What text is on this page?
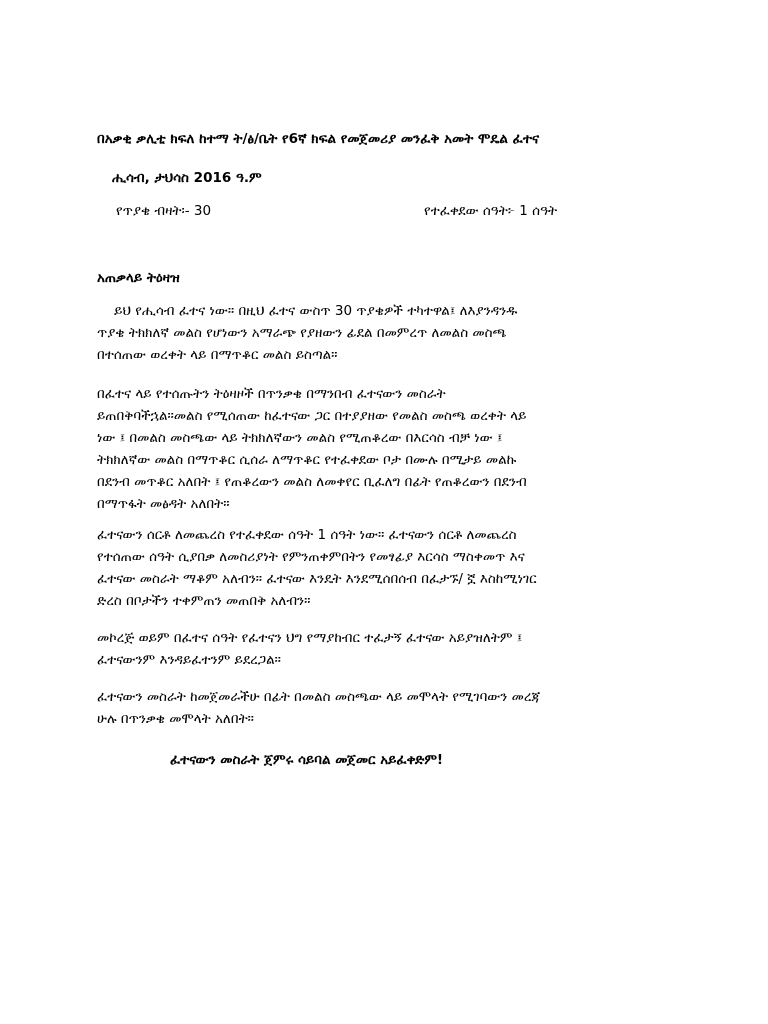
በአቃቂ ቃሊቲ ክፍለ ከተማ ት/ፅ/ቤት የ6ኛ ክፍል የመጀመሪያ መንፈቅ አመት ሞዴል ፈተና
ሒሳብ, ታህሳስ 2016 ዓ.ም
የጥያቄ ብዛት፡- 30	የተፈቀደው ሰዓት፦ 1 ሰዓት
አጠቃላይ ትዕዛዝ
ይህ የሒሳብ ፈተና ነው። በዚህ ፈተና ውስጥ 30 ጥያቄዎች ተካተዋል፤ ለእያንዳንዱ
ጥያቄ ትክክለኛ መልስ የሆነውን አማራጭ የያዘውን ፊደል በመምረጥ ለመልስ መስጫ
በተሰጠው ወረቀት ላይ በማጥቆር መልስ ይስጣል።
በፈተና ላይ የተሰጡትን ትዕዛዞች በጥንቃቄ በማንበብ ፈተናውን መስራት
ይጠበቅባችኋል።መልስ የሚሰጠው ከፈተናው ጋር በተያያዘው የመልስ መስጫ ወረቀት ላይ
ነው ፤ በመልስ መስጫው ላይ ትክክለኛውን መልስ የሚጠቆረው በእርሳስ ብቻ ነው ፤
ትክክለኛው መልስ በማጥቆር ሲሰራ ለማጥቆር የተፈቀደው ቦታ በሙሉ በሚታይ መልኩ
በደንብ መጥቆር አለበት ፤ የጠቆረውን መልስ ለመቀየር ቢፈለግ በፊት የጠቆረውን በደንብ
በማጥፋት መፅዳት አለበት።
ፈተናውን ሰርቶ ለመጨረስ የተፈቀደው ሰዓት 1 ሰዓት ነው። ፈተናውን ሰርቶ ለመጨረስ
የተሰጠው ሰዓት ሲያበቃ ለመስሪያነት የምንጠቀምበትን የመፃፊያ እርሳስ ማስቀመጥ እና
ፈተናው መስራት ማቆም አለብን። ፈተናው እንዴት እንደሚሰበሰብ በፈታኙ/ ኟ እስከሚነገር
ድረስ በቦታችን ተቀምጠን መጠበቅ አለብን።
መኮረጅ ወይም በፈተና ሰዓት የፈተናን ህግ የማያከብር ተፈታኝ ፈተናው አይያዝለትም ፤
ፈተናውንም እንዳይፈተንም ይደረጋል።
ፈተናውን መስራት ከመጀመራችሁ በፊት በመልስ መስጫው ላይ መሞላት የሚገባውን መረጃ
ሁሉ በጥንቃቄ መሞላት አለበት።
ፈተናውን መስራት ጀምሩ ሳይባል መጀመር አይፈቀድም!
